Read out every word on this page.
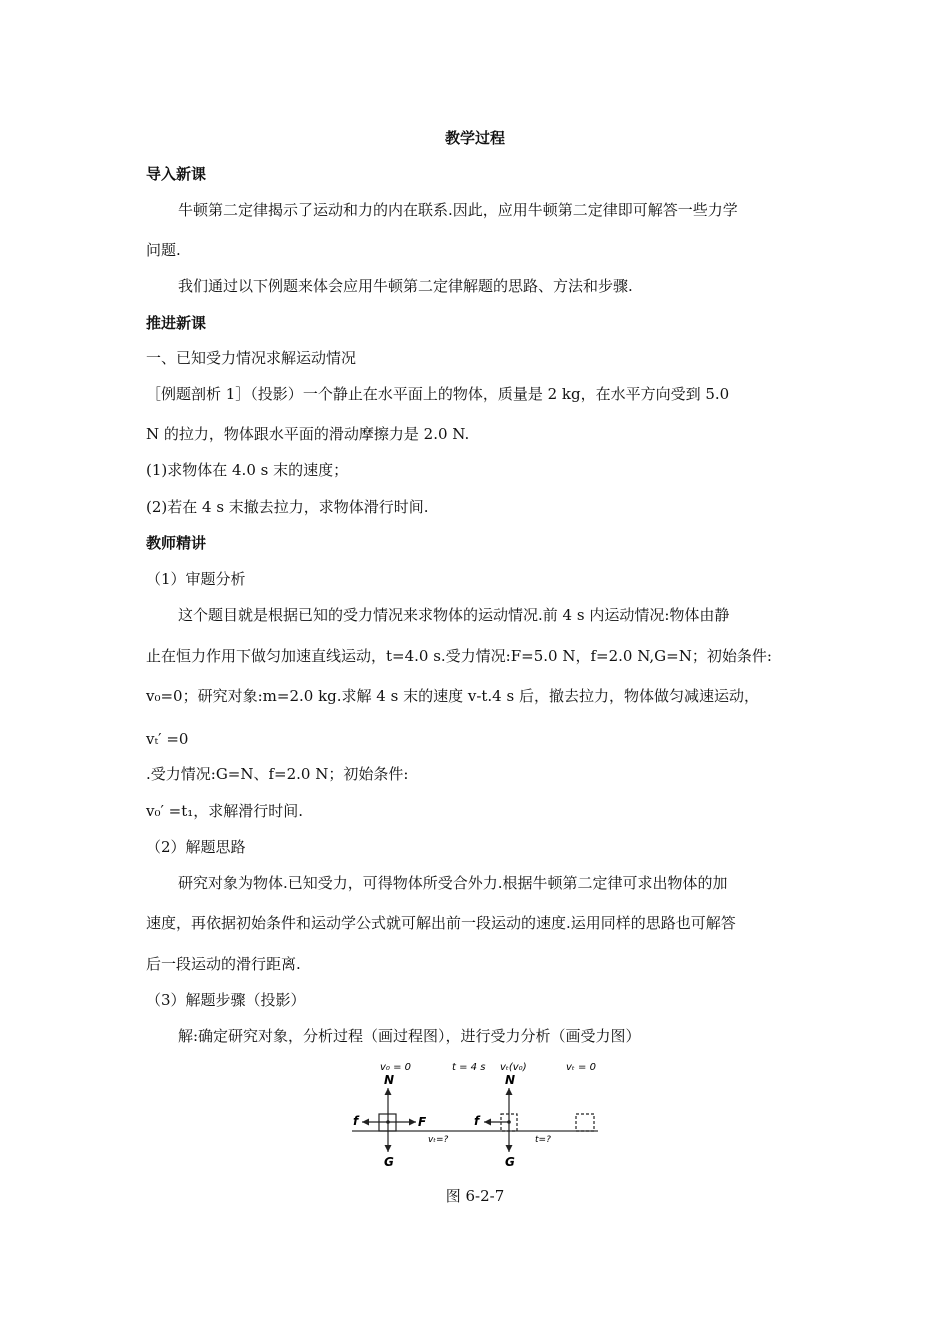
教学过程
导入新课
牛顿第二定律揭示了运动和力的内在联系.因此，应用牛顿第二定律即可解答一些力学
问题.
我们通过以下例题来体会应用牛顿第二定律解题的思路、方法和步骤.
推进新课
一、已知受力情况求解运动情况
［例题剖析 1］（投影）一个静止在水平面上的物体，质量是 2 kg，在水平方向受到 5.0
N 的拉力，物体跟水平面的滑动摩擦力是 2.0 N.
(1)求物体在 4.0 s 末的速度；
(2)若在 4 s 末撤去拉力，求物体滑行时间.
教师精讲
（1）审题分析
这个题目就是根据已知的受力情况来求物体的运动情况.前 4 s 内运动情况:物体由静
止在恒力作用下做匀加速直线运动，t=4.0 s.受力情况:F=5.0 N，f=2.0 N,G=N；初始条件:
v₀=0；研究对象:m=2.0 kg.求解 4 s 末的速度 v-t.4 s 后，撤去拉力，物体做匀减速运动，
vₜ′ =0
.受力情况:G=N、f=2.0 N；初始条件:
v₀′ =t₁，求解滑行时间.
（2）解题思路
研究对象为物体.已知受力，可得物体所受合外力.根据牛顿第二定律可求出物体的加
速度，再依据初始条件和运动学公式就可解出前一段运动的速度.运用同样的思路也可解答
后一段运动的滑行距离.
（3）解题步骤（投影）
解:确定研究对象，分析过程（画过程图），进行受力分析（画受力图）
v₀ = 0	t = 4 s vₜ(v₀)	vₜ = 0
N
G
f	F
vₜ=?
N
G
f
t=?
图 6-2-7
